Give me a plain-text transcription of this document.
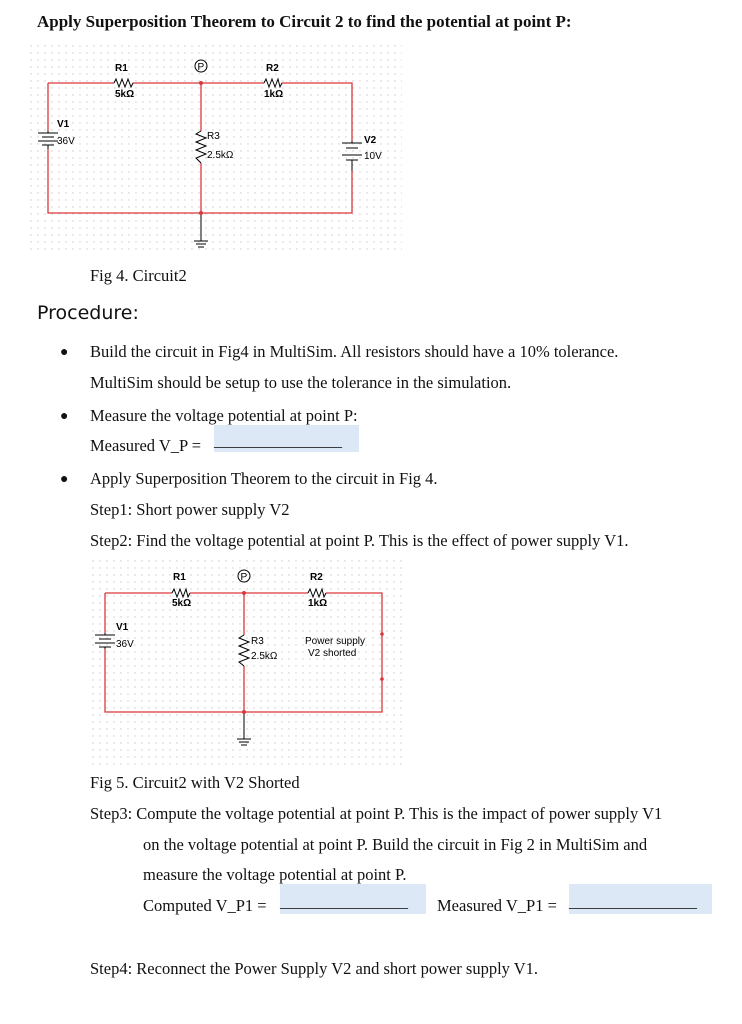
Apply Superposition Theorem to Circuit 2 to find the potential at point P:
R1
5kΩ
R2
1kΩ
R3
2.5kΩ
V1
36V	V2
10V
P
Fig 4. Circuit2
Procedure:
● Build the circuit in Fig4 in MultiSim. All resistors should have a 10% tolerance.
MultiSim should be setup to use the tolerance in the simulation.
● Measure the voltage potential at point P:
Measured V_P = ________________
● Apply Superposition Theorem to the circuit in Fig 4.
Step1: Short power supply V2
Step2: Find the voltage potential at point P. This is the effect of power supply V1.
R1
5kΩ
R2
1kΩ
R3
2.5kΩ
V1
36V	Power supply
V2 shorted
P
Fig 5. Circuit2 with V2 Shorted
Step3: Compute the voltage potential at point P. This is the impact of power supply V1
on the voltage potential at point P. Build the circuit in Fig 2 in MultiSim and
measure the voltage potential at point P.
Computed V_P1 = ________________ Measured V_P1 = ________________
Step4: Reconnect the Power Supply V2 and short power supply V1.
